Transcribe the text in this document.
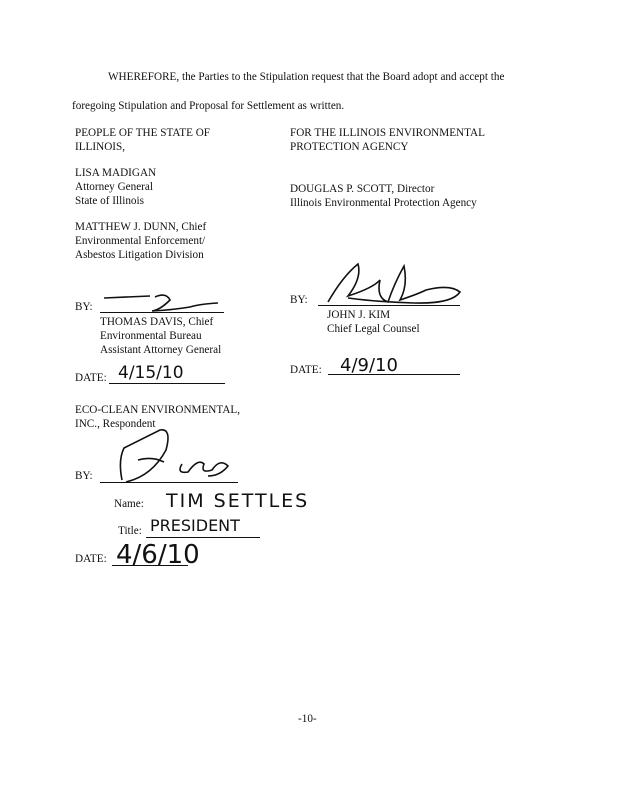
WHEREFORE, the Parties to the Stipulation request that the Board adopt and accept the
foregoing Stipulation and Proposal for Settlement as written.
PEOPLE OF THE STATE OF
ILLINOIS,
LISA MADIGAN
Attorney General
State of Illinois
MATTHEW J. DUNN, Chief
Environmental Enforcement/
Asbestos Litigation Division
BY:
THOMAS DAVIS, Chief
Environmental Bureau
Assistant Attorney General
DATE: 4/15/10
FOR THE ILLINOIS ENVIRONMENTAL
PROTECTION AGENCY
DOUGLAS P. SCOTT, Director
Illinois Environmental Protection Agency
BY:
JOHN J. KIM
Chief Legal Counsel
DATE: 4/9/10
ECO-CLEAN ENVIRONMENTAL,
INC., Respondent
BY:
Name: TIM SETTLES
Title: PRESIDENT
DATE: 4/6/10
-10-
